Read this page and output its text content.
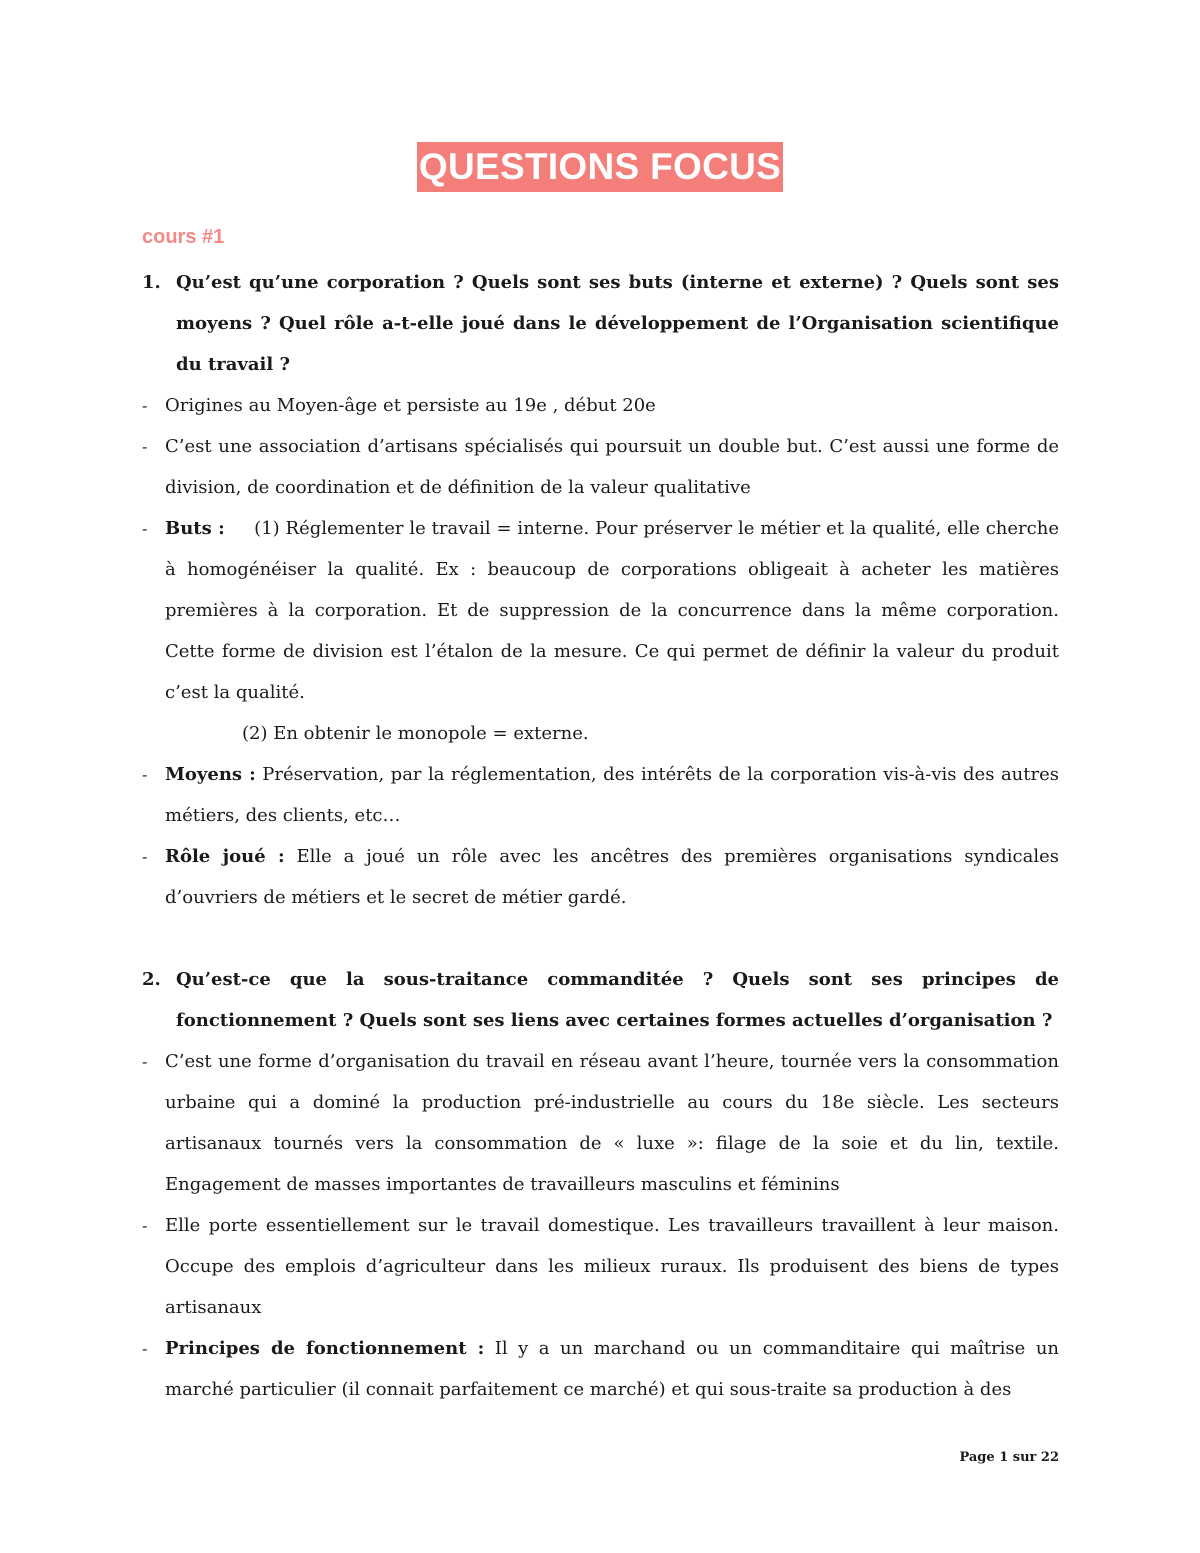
QUESTIONS FOCUS
cours #1
1. Qu’est qu’une corporation ? Quels sont ses buts (interne et externe) ? Quels sont ses moyens ? Quel rôle a-t-elle joué dans le développement de l’Organisation scientifique du travail ?
- Origines au Moyen-âge et persiste au 19e , début 20e
- C’est une association d’artisans spécialisés qui poursuit un double but. C’est aussi une forme de division, de coordination et de définition de la valeur qualitative
- Buts :     (1) Réglementer le travail = interne. Pour préserver le métier et la qualité, elle cherche à homogénéiser la qualité. Ex : beaucoup de corporations obligeait à acheter les matières premières à la corporation. Et de suppression de la concurrence dans la même corporation. Cette forme de division est l’étalon de la mesure. Ce qui permet de définir la valeur du produit c’est la qualité.
(2) En obtenir le monopole = externe.
- Moyens : Préservation, par la réglementation, des intérêts de la corporation vis-à-vis des autres métiers, des clients, etc…
- Rôle joué : Elle a joué un rôle avec les ancêtres des premières organisations syndicales d’ouvriers de métiers et le secret de métier gardé.
2. Qu’est-ce que la sous-traitance commanditée ? Quels sont ses principes de fonctionnement ? Quels sont ses liens avec certaines formes actuelles d’organisation ?
- C’est une forme d’organisation du travail en réseau avant l’heure, tournée vers la consommation urbaine qui a dominé la production pré-industrielle au cours du 18e siècle. Les secteurs artisanaux tournés vers la consommation de « luxe »: filage de la soie et du lin, textile. Engagement de masses importantes de travailleurs masculins et féminins
- Elle porte essentiellement sur le travail domestique. Les travailleurs travaillent à leur maison. Occupe des emplois d’agriculteur dans les milieux ruraux. Ils produisent des biens de types artisanaux
- Principes de fonctionnement : Il y a un marchand ou un commanditaire qui maîtrise un marché particulier (il connait parfaitement ce marché) et qui sous-traite sa production à des
Page 1 sur 22
